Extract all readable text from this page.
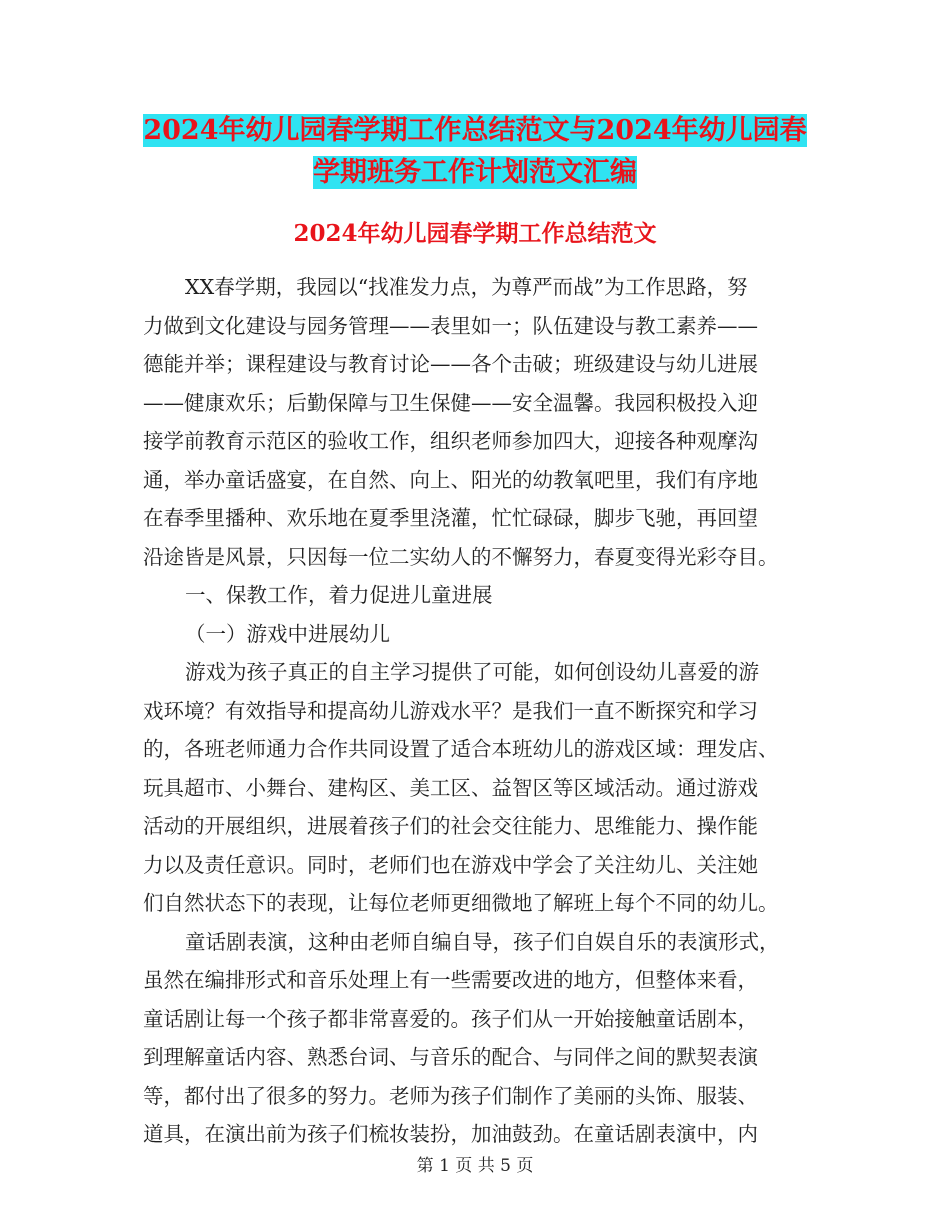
2024年幼儿园春学期工作总结范文与2024年幼儿园春
学期班务工作计划范文汇编
2024年幼儿园春学期工作总结范文
XX春学期，我园以“找准发力点，为尊严而战”为工作思路，努
力做到文化建设与园务管理——表里如一；队伍建设与教工素养——
德能并举；课程建设与教育讨论——各个击破；班级建设与幼儿进展
——健康欢乐；后勤保障与卫生保健——安全温馨。我园积极投入迎
接学前教育示范区的验收工作，组织老师参加四大，迎接各种观摩沟
通，举办童话盛宴，在自然、向上、阳光的幼教氧吧里，我们有序地
在春季里播种、欢乐地在夏季里浇灌，忙忙碌碌，脚步飞驰，再回望
沿途皆是风景，只因每一位二实幼人的不懈努力，春夏变得光彩夺目。
一、保教工作，着力促进儿童进展
（一）游戏中进展幼儿
游戏为孩子真正的自主学习提供了可能，如何创设幼儿喜爱的游
戏环境？有效指导和提高幼儿游戏水平？是我们一直不断探究和学习
的，各班老师通力合作共同设置了适合本班幼儿的游戏区域：理发店、
玩具超市、小舞台、建构区、美工区、益智区等区域活动。通过游戏
活动的开展组织，进展着孩子们的社会交往能力、思维能力、操作能
力以及责任意识。同时，老师们也在游戏中学会了关注幼儿、关注她
们自然状态下的表现，让每位老师更细微地了解班上每个不同的幼儿。
童话剧表演，这种由老师自编自导，孩子们自娱自乐的表演形式，
虽然在编排形式和音乐处理上有一些需要改进的地方，但整体来看，
童话剧让每一个孩子都非常喜爱的。孩子们从一开始接触童话剧本，
到理解童话内容、熟悉台词、与音乐的配合、与同伴之间的默契表演
等，都付出了很多的努力。老师为孩子们制作了美丽的头饰、服装、
道具，在演出前为孩子们梳妆装扮，加油鼓劲。在童话剧表演中，内
第 1 页 共 5 页
